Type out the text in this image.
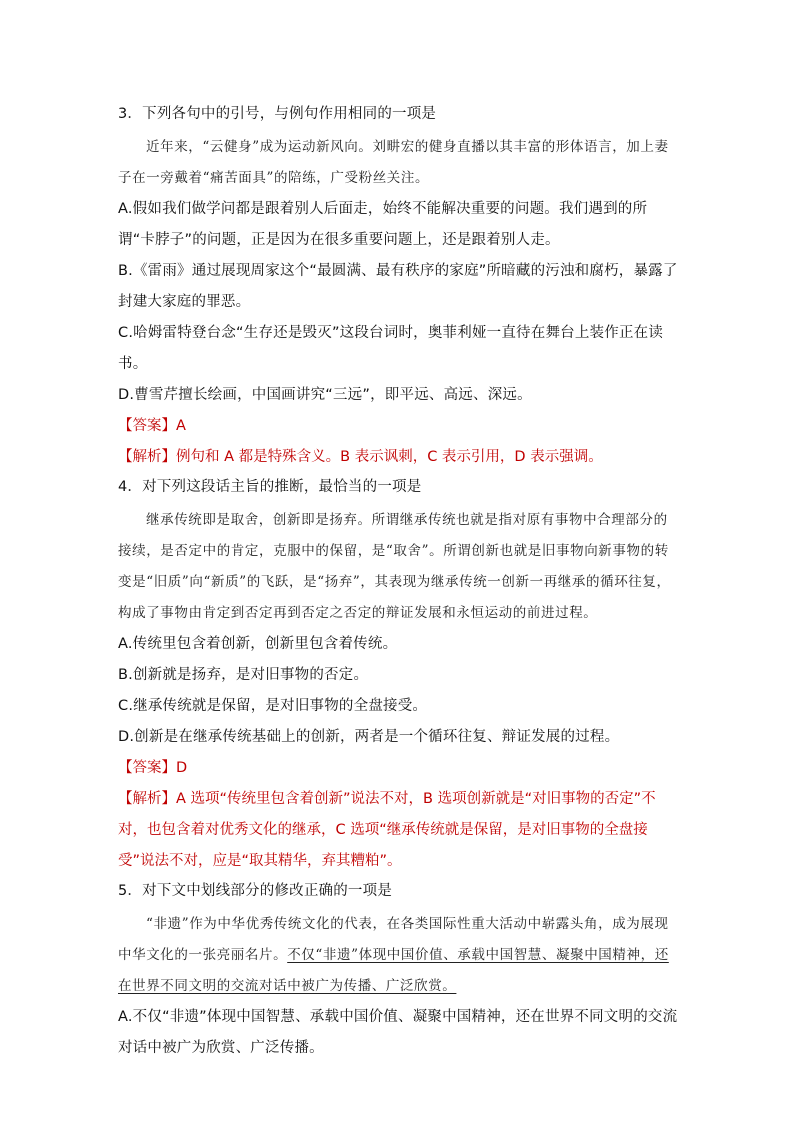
3．下列各句中的引号，与例句作用相同的一项是

近年来，“云健身”成为运动新风向。刘畊宏的健身直播以其丰富的形体语言，加上妻子在一旁戴着“痛苦面具”的陪练，广受粉丝关注。

A.假如我们做学问都是跟着别人后面走，始终不能解决重要的问题。我们遇到的所谓“卡脖子”的问题，正是因为在很多重要问题上，还是跟着别人走。

B.《雷雨》通过展现周家这个“最圆满、最有秩序的家庭”所暗藏的污浊和腐朽，暴露了封建大家庭的罪恶。

C.哈姆雷特登台念“生存还是毁灭”这段台词时，奥菲利娅一直待在舞台上装作正在读书。

D.曹雪芹擅长绘画，中国画讲究“三远”，即平远、高远、深远。

【答案】A

【解析】例句和 A 都是特殊含义。B 表示讽刺，C 表示引用，D 表示强调。

4．对下列这段话主旨的推断，最恰当的一项是

继承传统即是取舍，创新即是扬弃。所谓继承传统也就是指对原有事物中合理部分的接续，是否定中的肯定，克服中的保留，是“取舍”。所谓创新也就是旧事物向新事物的转变是“旧质”向“新质”的飞跃，是“扬弃”，其表现为继承传统一创新一再继承的循环往复，构成了事物由肯定到否定再到否定之否定的辩证发展和永恒运动的前进过程。

A.传统里包含着创新，创新里包含着传统。

B.创新就是扬弃，是对旧事物的否定。

C.继承传统就是保留，是对旧事物的全盘接受。

D.创新是在继承传统基础上的创新，两者是一个循环往复、辩证发展的过程。

【答案】D

【解析】A 选项“传统里包含着创新”说法不对，B 选项创新就是“对旧事物的否定”不对，也包含着对优秀文化的继承，C 选项“继承传统就是保留，是对旧事物的全盘接受”说法不对，应是“取其精华，弃其糟粕”。

5．对下文中划线部分的修改正确的一项是

“非遗”作为中华优秀传统文化的代表，在各类国际性重大活动中崭露头角，成为展现中华文化的一张亮丽名片。不仅“非遗”体现中国价值、承载中国智慧、凝聚中国精神，还在世界不同文明的交流对话中被广为传播、广泛欣赏。

A.不仅“非遗”体现中国智慧、承载中国价值、凝聚中国精神，还在世界不同文明的交流对话中被广为欣赏、广泛传播。
